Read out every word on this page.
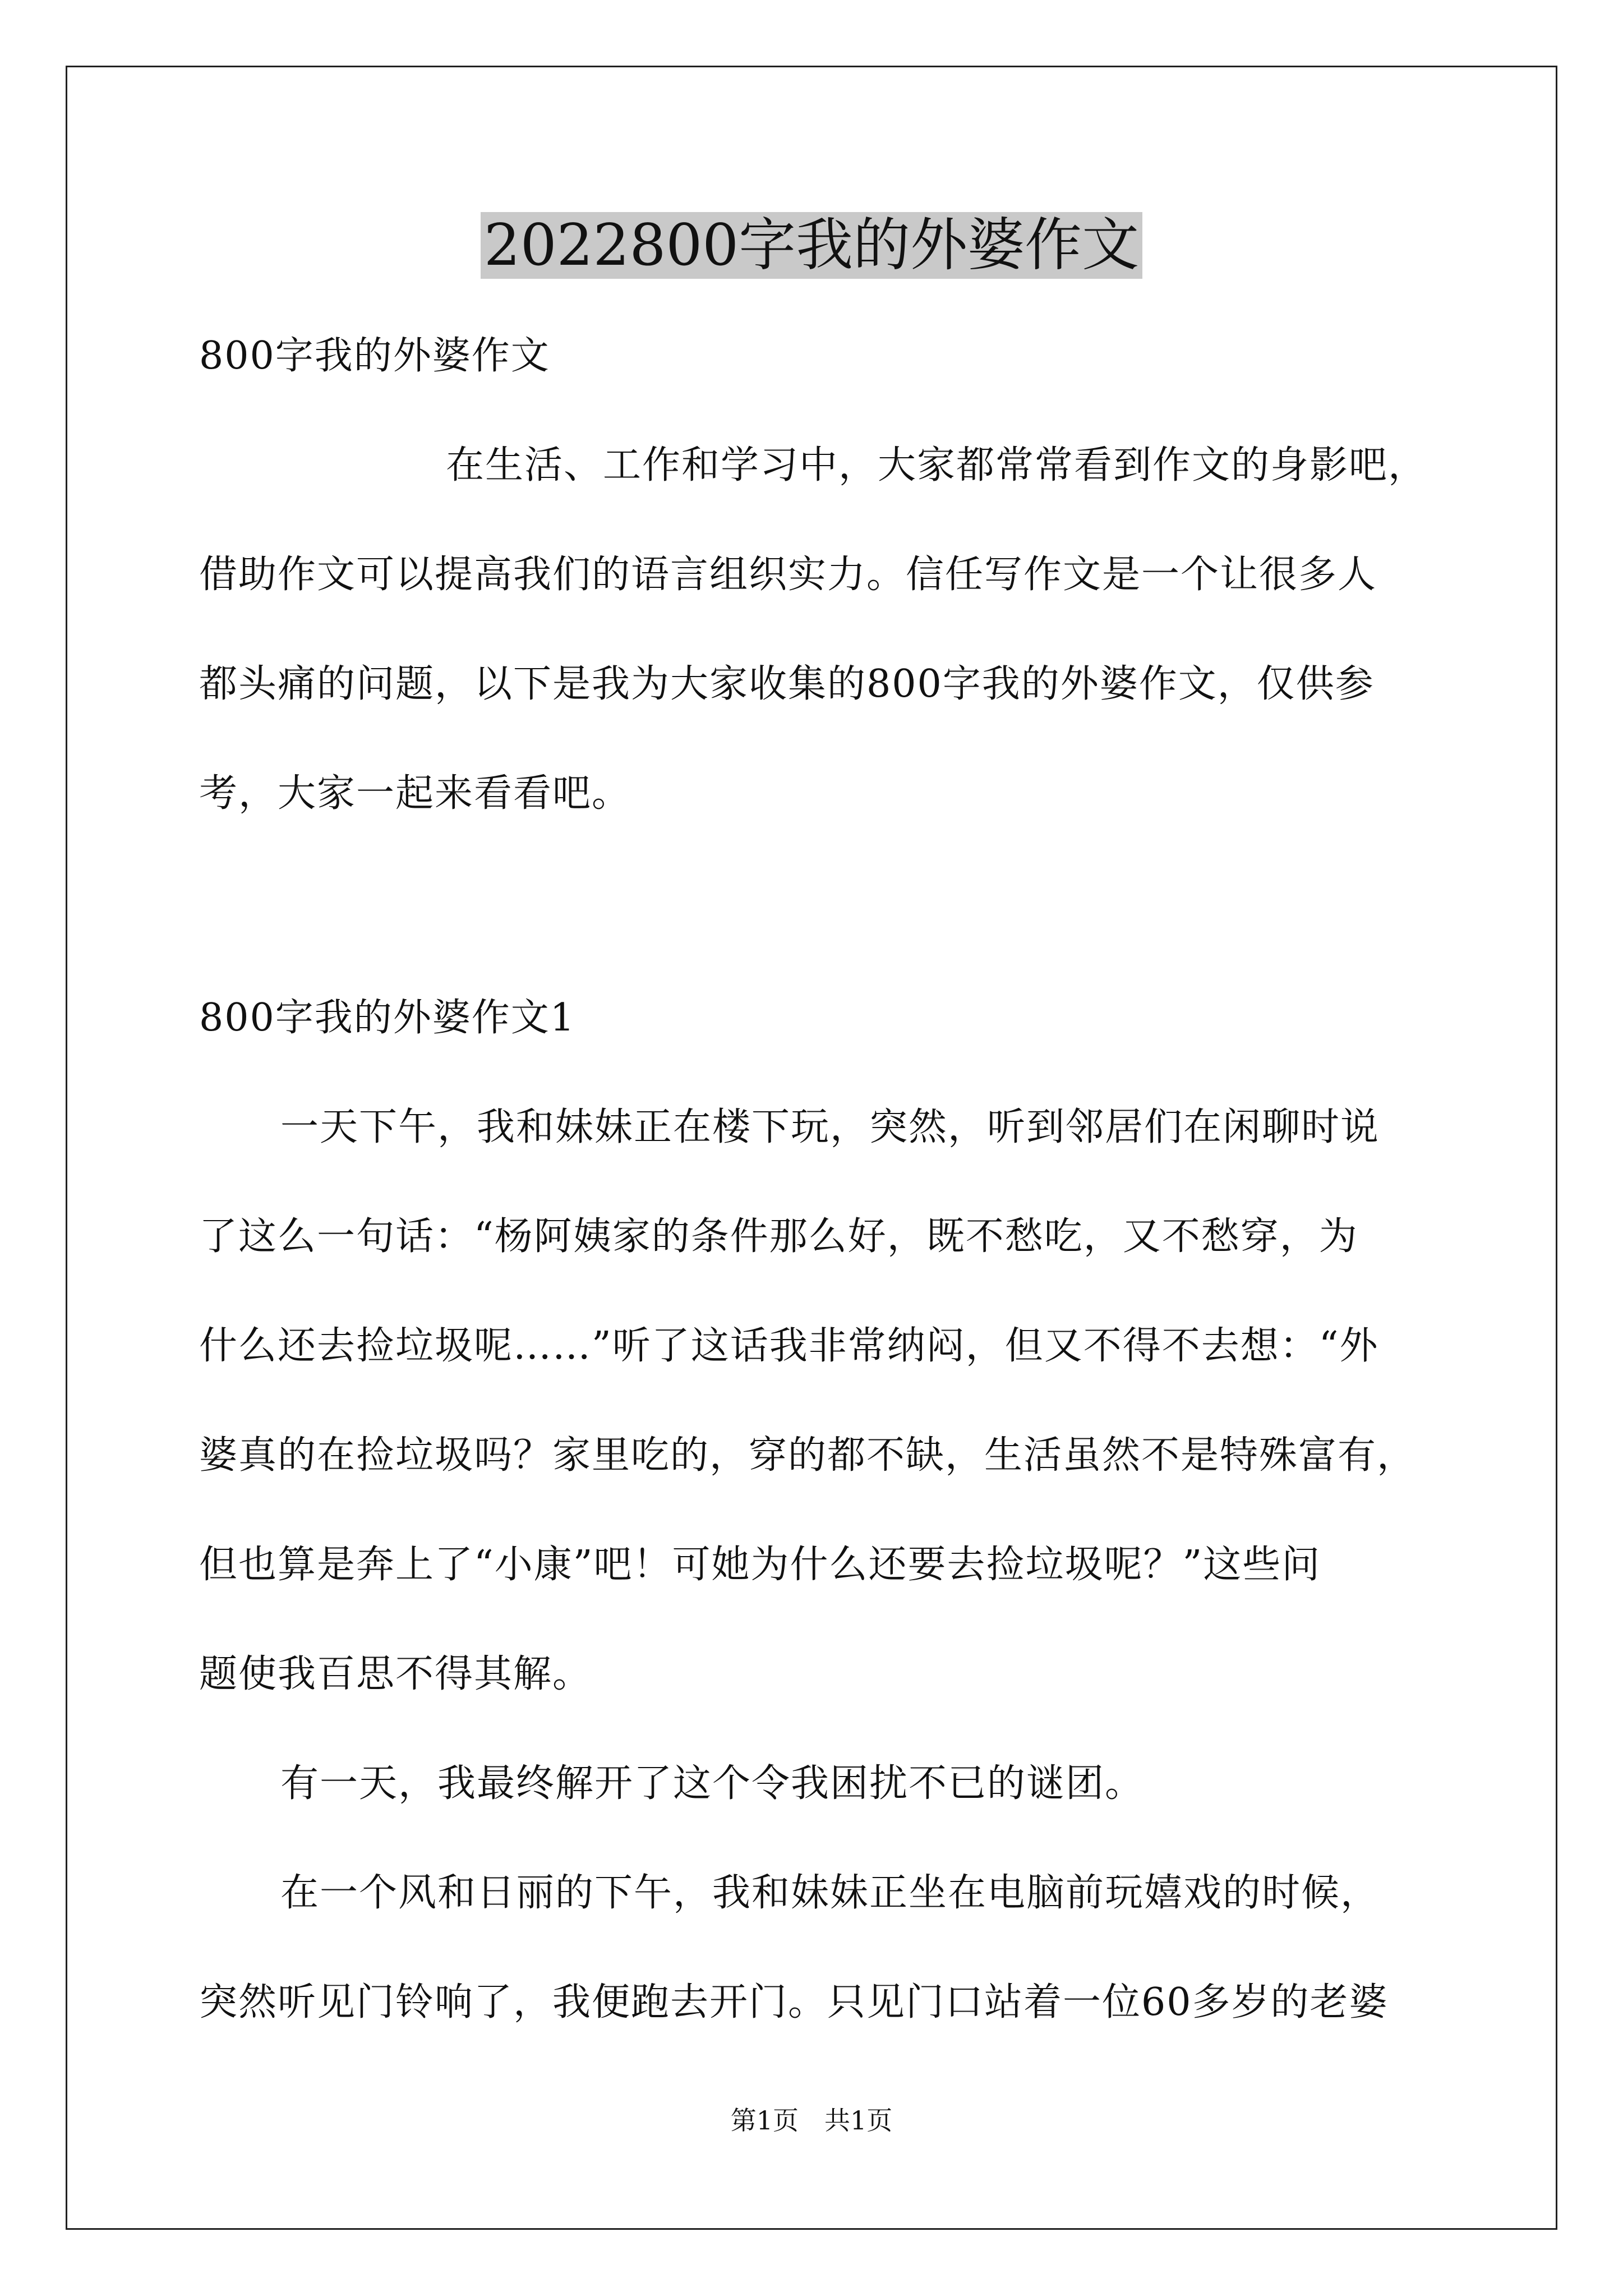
2022800字我的外婆作文
800字我的外婆作文
在生活、工作和学习中，大家都常常看到作文的身影吧，
借助作文可以提高我们的语言组织实力。信任写作文是一个让很多人
都头痛的问题，以下是我为大家收集的800字我的外婆作文，仅供参
考，大家一起来看看吧。
800字我的外婆作文1
一天下午，我和妹妹正在楼下玩，突然，听到邻居们在闲聊时说
了这么一句话：“杨阿姨家的条件那么好，既不愁吃，又不愁穿，为
什么还去捡垃圾呢……”听了这话我非常纳闷，但又不得不去想：“外
婆真的在捡垃圾吗？家里吃的，穿的都不缺，生活虽然不是特殊富有，
但也算是奔上了“小康”吧！可她为什么还要去捡垃圾呢？”这些问
题使我百思不得其解。
有一天，我最终解开了这个令我困扰不已的谜团。
在一个风和日丽的下午，我和妹妹正坐在电脑前玩嬉戏的时候，
突然听见门铃响了，我便跑去开门。只见门口站着一位60多岁的老婆
第1页　共1页
